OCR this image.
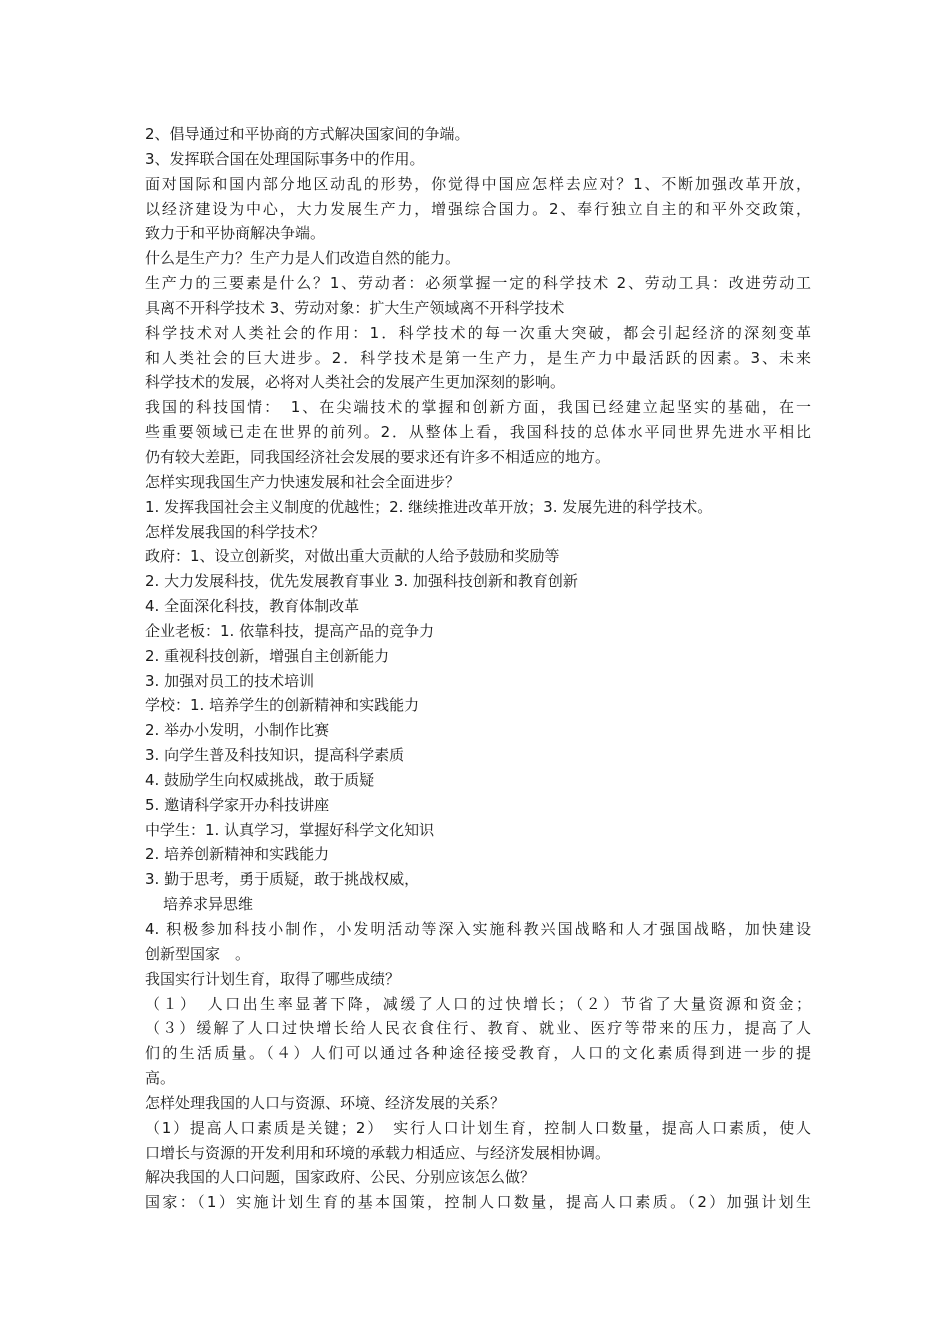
2、倡导通过和平协商的方式解决国家间的争端。
3、发挥联合国在处理国际事务中的作用。
面对国际和国内部分地区动乱的形势，你觉得中国应怎样去应对？1、不断加强改革开放，
以经济建设为中心，大力发展生产力，增强综合国力。2、奉行独立自主的和平外交政策，
致力于和平协商解决争端。
什么是生产力？生产力是人们改造自然的能力。
生产力的三要素是什么？1、劳动者：必须掌握一定的科学技术 2、劳动工具：改进劳动工
具离不开科学技术 3、劳动对象：扩大生产领域离不开科学技术
科学技术对人类社会的作用：1．科学技术的每一次重大突破，都会引起经济的深刻变革
和人类社会的巨大进步。2．科学技术是第一生产力，是生产力中最活跃的因素。3、未来
科学技术的发展，必将对人类社会的发展产生更加深刻的影响。
我国的科技国情：　1、在尖端技术的掌握和创新方面，我国已经建立起坚实的基础，在一
些重要领域已走在世界的前列。2．从整体上看，我国科技的总体水平同世界先进水平相比
仍有较大差距，同我国经济社会发展的要求还有许多不相适应的地方。
怎样实现我国生产力快速发展和社会全面进步？
1. 发挥我国社会主义制度的优越性；2. 继续推进改革开放；3. 发展先进的科学技术。
怎样发展我国的科学技术？
政府：1、设立创新奖，对做出重大贡献的人给予鼓励和奖励等
2. 大力发展科技，优先发展教育事业 3. 加强科技创新和教育创新
4. 全面深化科技，教育体制改革
企业老板：1. 依靠科技，提高产品的竞争力
2. 重视科技创新，增强自主创新能力
3. 加强对员工的技术培训
学校：1. 培养学生的创新精神和实践能力
2. 举办小发明，小制作比赛
3. 向学生普及科技知识，提高科学素质
4. 鼓励学生向权威挑战，敢于质疑
5. 邀请科学家开办科技讲座
中学生：1. 认真学习，掌握好科学文化知识
2. 培养创新精神和实践能力
3. 勤于思考，勇于质疑，敢于挑战权威，
培养求异思维
4. 积极参加科技小制作，小发明活动等深入实施科教兴国战略和人才强国战略，加快建设
创新型国家　。
我国实行计划生育，取得了哪些成绩？
（１）　人口出生率显著下降，减缓了人口的过快增长；（２）节省了大量资源和资金；
（３）缓解了人口过快增长给人民衣食住行、教育、就业、医疗等带来的压力，提高了人
们的生活质量。（４）人们可以通过各种途径接受教育，人口的文化素质得到进一步的提
高。
怎样处理我国的人口与资源、环境、经济发展的关系？
（1）提高人口素质是关键；2）　实行人口计划生育，控制人口数量，提高人口素质，使人
口增长与资源的开发利用和环境的承载力相适应、与经济发展相协调。
解决我国的人口问题，国家政府、公民、分别应该怎么做？
国家：（1）实施计划生育的基本国策，控制人口数量，提高人口素质。（2）加强计划生
